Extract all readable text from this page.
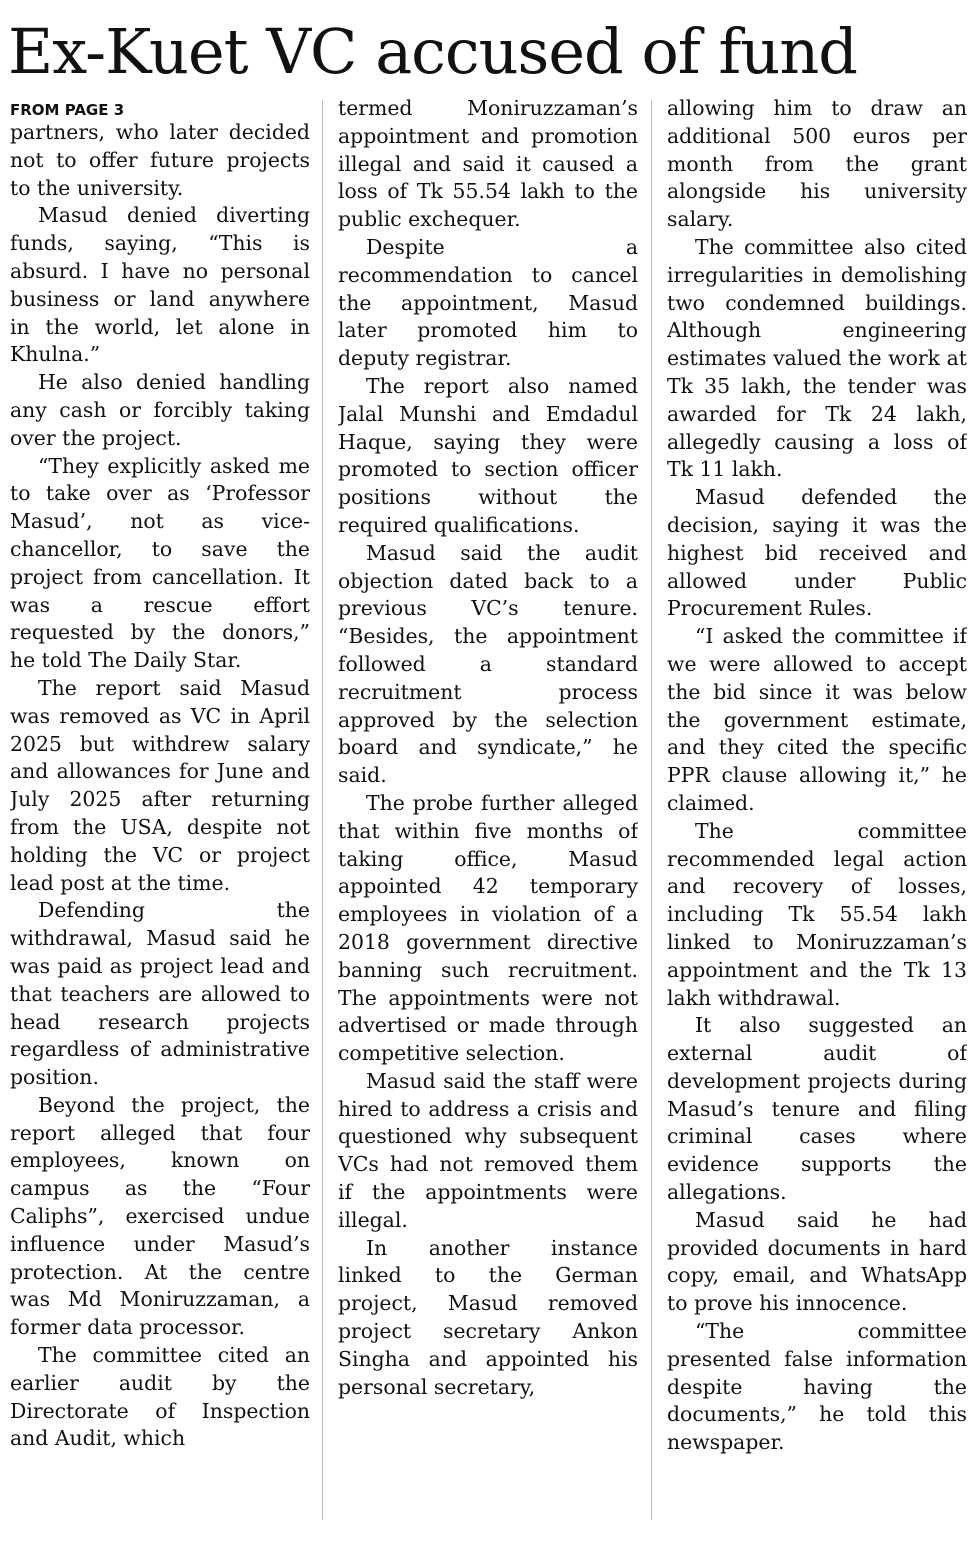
Ex-Kuet VC accused of fund
FROM PAGE 3

partners, who later decided not to offer future projects to the university.

Masud denied diverting funds, saying, “This is absurd. I have no personal business or land anywhere in the world, let alone in Khulna.”

He also denied handling any cash or forcibly taking over the project.

“They explicitly asked me to take over as ‘Professor Masud’, not as vice-chancellor, to save the project from cancellation. It was a rescue effort requested by the donors,” he told The Daily Star.

The report said Masud was removed as VC in April 2025 but withdrew salary and allowances for June and July 2025 after returning from the USA, despite not holding the VC or project lead post at the time.

Defending the withdrawal, Masud said he was paid as project lead and that teachers are allowed to head research projects regardless of administrative position.

Beyond the project, the report alleged that four employees, known on campus as the “Four Caliphs”, exercised undue influence under Masud’s protection. At the centre was Md Moniruzzaman, a former data processor.

The committee cited an earlier audit by the Directorate of Inspection and Audit, which

termed Moniruzzaman’s appointment and promotion illegal and said it caused a loss of Tk 55.54 lakh to the public exchequer.

Despite a recommendation to cancel the appointment, Masud later promoted him to deputy registrar.

The report also named Jalal Munshi and Emdadul Haque, saying they were promoted to section officer positions without the required qualifications.

Masud said the audit objection dated back to a previous VC’s tenure. “Besides, the appointment followed a standard recruitment process approved by the selection board and syndicate,” he said.

The probe further alleged that within five months of taking office, Masud appointed 42 temporary employees in violation of a 2018 government directive banning such recruitment. The appointments were not advertised or made through competitive selection.

Masud said the staff were hired to address a crisis and questioned why subsequent VCs had not removed them if the appointments were illegal.

In another instance linked to the German project, Masud removed project secretary Ankon Singha and appointed his personal secretary,

allowing him to draw an additional 500 euros per month from the grant alongside his university salary.

The committee also cited irregularities in demolishing two condemned buildings. Although engineering estimates valued the work at Tk 35 lakh, the tender was awarded for Tk 24 lakh, allegedly causing a loss of Tk 11 lakh.

Masud defended the decision, saying it was the highest bid received and allowed under Public Procurement Rules.

“I asked the committee if we were allowed to accept the bid since it was below the government estimate, and they cited the specific PPR clause allowing it,” he claimed.

The committee recommended legal action and recovery of losses, including Tk 55.54 lakh linked to Moniruzzaman’s appointment and the Tk 13 lakh withdrawal.

It also suggested an external audit of development projects during Masud’s tenure and filing criminal cases where evidence supports the allegations.

Masud said he had provided documents in hard copy, email, and WhatsApp to prove his innocence.

“The committee presented false information despite having the documents,” he told this newspaper.
